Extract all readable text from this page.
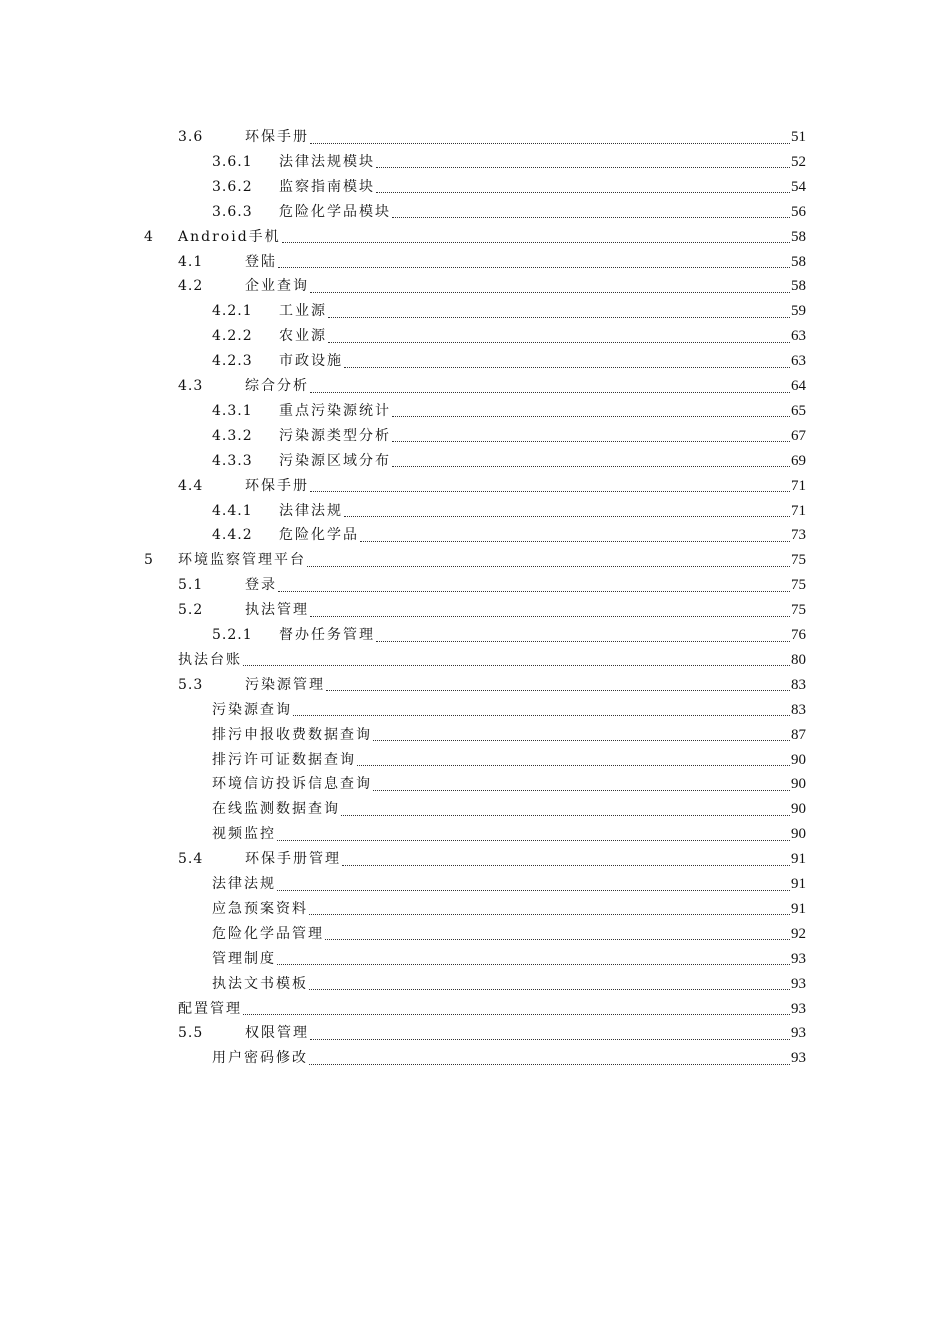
3.6	环保手册	51
3.6.1	法律法规模块	52
3.6.2	监察指南模块	54
3.6.3	危险化学品模块	56
4	Android手机	58
4.1	登陆	58
4.2	企业查询	58
4.2.1	工业源	59
4.2.2	农业源	63
4.2.3	市政设施	63
4.3	综合分析	64
4.3.1	重点污染源统计	65
4.3.2	污染源类型分析	67
4.3.3	污染源区域分布	69
4.4	环保手册	71
4.4.1	法律法规	71
4.4.2	危险化学品	73
5	环境监察管理平台	75
5.1	登录	75
5.2	执法管理	75
5.2.1	督办任务管理	76
执法台账	80
5.3	污染源管理	83
污染源查询	83
排污申报收费数据查询	87
排污许可证数据查询	90
环境信访投诉信息查询	90
在线监测数据查询	90
视频监控	90
5.4	环保手册管理	91
法律法规	91
应急预案资料	91
危险化学品管理	92
管理制度	93
执法文书模板	93
配置管理	93
5.5	权限管理	93
用户密码修改	93
